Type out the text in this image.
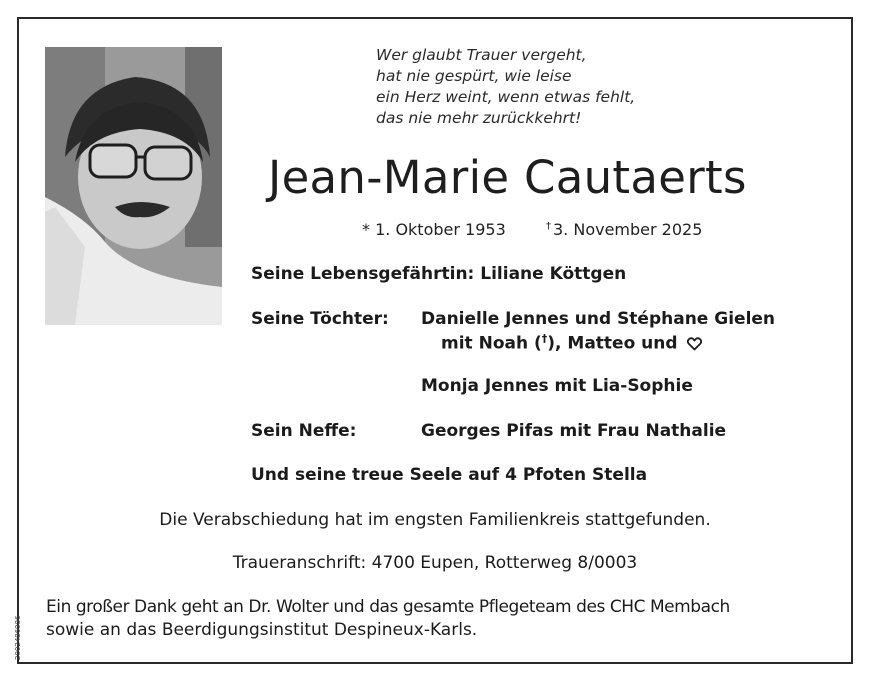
Wer glaubt Trauer vergeht,
hat nie gespürt, wie leise
ein Herz weint, wenn etwas fehlt,
das nie mehr zurückkehrt!
Jean-Marie Cautaerts
* 1. Oktober 1953	† 3. November 2025
Seine Lebensgefährtin: Liliane Köttgen
Seine Töchter: Danielle Jennes und Stéphane Gielen
mit Noah (†), Matteo und
Monja Jennes mit Lia-Sophie
Sein Neffe:	Georges Pifas mit Frau Nathalie
Und seine treue Seele auf 4 Pfoten Stella
Die Verabschiedung hat im engsten Familienkreis stattgefunden.
Traueranschrift: 4700 Eupen, Rotterweg 8/0003
Ein großer Dank geht an Dr. Wolter und das gesamte Pflegeteam des CHC Membach
sowie an das Beerdigungsinstitut Despineux-Karls.
2002486986
